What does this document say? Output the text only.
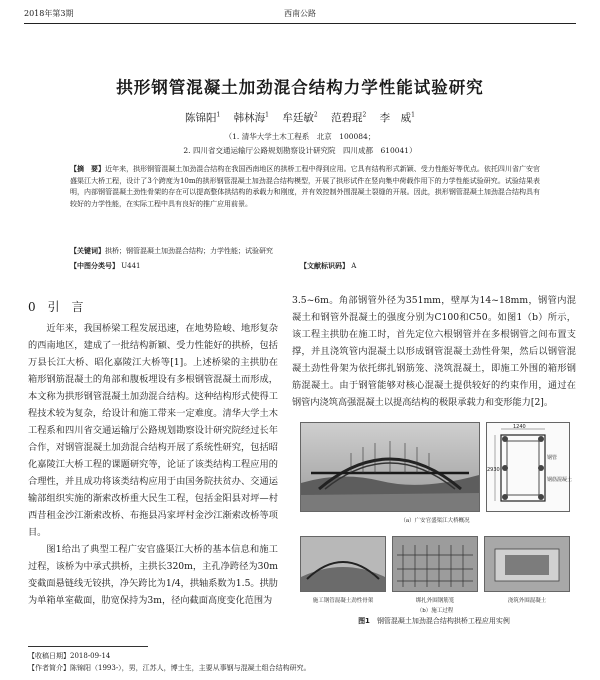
2018年第3期	西南公路
拱形钢管混凝土加劲混合结构力学性能试验研究
陈锦阳$^1$ 韩林海$^1$ 牟廷敏$^2$ 范碧琨$^2$ 李　威$^1$
（1. 清华大学土木工程系　北京　100084；
2. 四川省交通运输厅公路规划勘察设计研究院　四川成都　610041）
【摘　要】近年来，拱形钢管混凝土加劲混合结构在我国西南地区的拱桥工程中得到应用。它具有结构形式新颖、受力性能好等优点。依托四川省广安官盛渠江大桥工程，设计了3个跨度为10m的拱形钢管混凝土加劲混合结构模型，开展了拱形试件在竖向集中荷载作用下的力学性能试验研究。试验结果表明，内部钢管混凝土劲性骨架的存在可以提高整体拱结构的承载力和刚度，并有效控制外围混凝土裂缝的开展。因此，拱形钢管混凝土加劲混合结构具有较好的力学性能，在实际工程中具有良好的推广应用前景。
【关键词】拱桥；钢管混凝土加劲混合结构；力学性能；试验研究
【中图分类号】 U441	【文献标识码】 A
0 引　言

近年来，我国桥梁工程发展迅速，在地势险峻、地形复杂的西南地区，建成了一批结构新颖、受力性能好的拱桥，包括万县长江大桥、昭化嘉陵江大桥等[1]。上述桥梁的主拱肋在箱形钢筋混凝土的角部和腹板埋设有多根钢管混凝土而形成，本文称为拱形钢管混凝土加劲混合结构。这种结构形式使得工程技术较为复杂，给设计和施工带来一定难度。清华大学土木工程系和四川省交通运输厅公路规划勘察设计研究院经过长年合作，对钢管混凝土加劲混合结构开展了系统性研究，包括昭化嘉陵江大桥工程的课题研究等，论证了该类结构工程应用的合理性，并且成功将该类结构应用于由国务院扶贫办、交通运输部组织实施的渐索改桥重大民生工程，包括金阳县对坪—村西昔租金沙江渐索改桥、布拖县冯家坪村金沙江渐索改桥等项目。

图1给出了典型工程广安官盛渠江大桥的基本信息和施工过程，该桥为中承式拱桥，主拱长320m，主孔净跨径为30m变截面悬链线无铰拱，净矢跨比为1/4，拱轴系数为1.5。拱肋为单箱单室截面，肋宽保持为3m，径向截面高度变化范围为

3.5~6m。角部钢管外径为351mm，壁厚为14~18mm，钢管内混凝土和钢管外混凝土的强度分别为C100和C50。如图1（b）所示，该工程主拱肋在施工时，首先定位六根钢管并在多根钢管之间布置支撑，并且浇筑管内混凝土以形成钢管混凝土劲性骨架，然后以钢管混凝土劲性骨架为依托绑扎钢筋笼、浇筑混凝土，即施工外围的箱形钢筋混凝土。由于钢管能够对核心混凝土提供较好的约束作用，通过在钢管内浇筑高强混凝土以提高结构的极限承载力和变形能力[2]。

1240
2930
钢管
钢筋混凝土
（a）广安官盛渠江大桥概况
施工钢管混凝土劲性骨架	绑扎外围钢筋笼	浇筑外围混凝土
（b）施工过程
图1　 钢管混凝土加劲混合结构拱桥工程应用实例
【收稿日期】2018-09-14
【作者简介】陈锦阳（1993-），男，江苏人，博士生，主要从事钢与混凝土组合结构研究。
